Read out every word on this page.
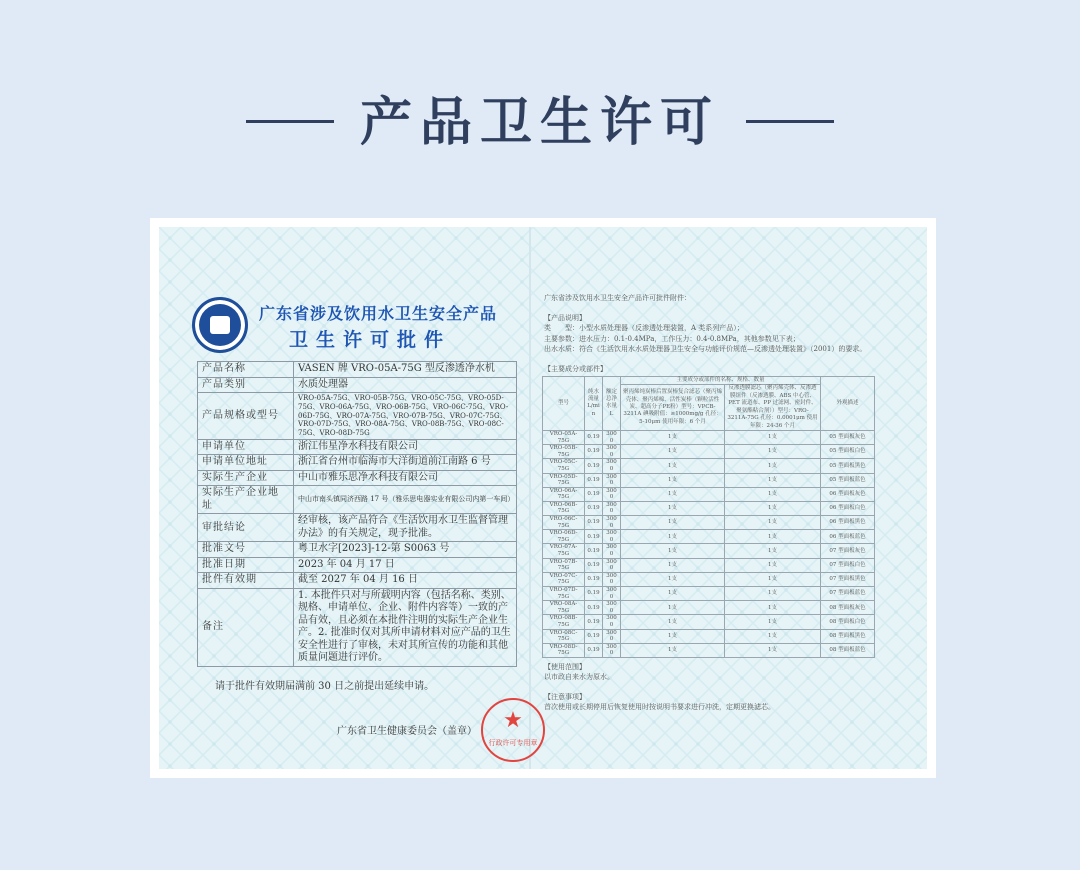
产品卫生许可
广东省涉及饮用水卫生安全产品
卫生许可批件
产品名称	VASEN 牌 VRO-05A-75G 型反渗透净水机
产品类别	水质处理器
产品规格或型号	VRO-05A-75G、VRO-05B-75G、VRO-05C-75G、VRO-05D-75G、VRO-06A-75G、VRO-06B-75G、VRO-06C-75G、VRO-06D-75G、VRO-07A-75G、VRO-07B-75G、VRO-07C-75G、VRO-07D-75G、VRO-08A-75G、VRO-08B-75G、VRO-08C-75G、VRO-08D-75G
申请单位	浙江伟星净水科技有限公司
申请单位地址	浙江省台州市临海市大洋街道前江南路 6 号
实际生产企业	中山市雅乐思净水科技有限公司
实际生产企业地址	中山市南头镇同济西路 17 号（雅乐思电器实业有限公司内第一车间）
审批结论	经审核，该产品符合《生活饮用水卫生监督管理办法》的有关规定，现予批准。
批准文号	粤卫水字[2023]-12-第 S0063 号
批准日期	2023 年 04 月 17 日
批件有效期	截至 2027 年 04 月 16 日
备注	1. 本批件只对与所载明内容（包括名称、类别、规格、申请单位、企业、附件内容等）一致的产品有效，且必须在本批件注明的实际生产企业生产。2. 批准时仅对其所申请材料对应产品的卫生安全性进行了审核，未对其所宣传的功能和其他质量问题进行评价。
请于批件有效期届满前 30 日之前提出延续申请。
广东省卫生健康委员会（盖章）	★
行政许可专用章
广东省涉及饮用水卫生安全产品许可批件附件：
【产品说明】
类　　型：小型水质处理器（反渗透处理装置，A 类系列产品）；
主要参数：进水压力：0.1-0.4MPa，工作压力：0.4-0.8MPa，其他参数见下表；
出水水质：符合《生活饮用水水质处理器卫生安全与功能评价规范—反渗透处理装置》（2001）的要求。
【主要成分或部件】
型号	纯水流量 L/min	额定总净水量 L	主要成分或部件的名称、规格、数量		外观描述
			聚丙烯纯炭棒后置炭棒复合滤芯（聚丙烯壳体、聚丙烯棉、活性炭棒（颗粒活性炭、超高分子PE粉）型号：VPCB-3211A 碘吸附值：≥1000mg/g 孔径：5-10μm 使用年限：6 个月	反渗透膜滤芯（聚丙烯壳体、反渗透膜组件（反渗透膜、ABS 中心管、PET 流道布、PP 过滤网、密封件、聚氨酯粘合剂））型号：VRO-3211A-75G 孔径：0.0001μm 使用年限：24-36 个月	
VRO-05A-75G	0.19	3000	1支	1支	05 型面板灰色
VRO-05B-75G	0.19	3000	1支	1支	05 型面板白色
VRO-05C-75G	0.19	3000	1支	1支	05 型面板黑色
VRO-05D-75G	0.19	3000	1支	1支	05 型面板蓝色
VRO-06A-75G	0.19	3000	1支	1支	06 型面板灰色
VRO-06B-75G	0.19	3000	1支	1支	06 型面板白色
VRO-06C-75G	0.19	3000	1支	1支	06 型面板黑色
VRO-06D-75G	0.19	3000	1支	1支	06 型面板蓝色
VRO-07A-75G	0.19	3000	1支	1支	07 型面板灰色
VRO-07B-75G	0.19	3000	1支	1支	07 型面板白色
VRO-07C-75G	0.19	3000	1支	1支	07 型面板黑色
VRO-07D-75G	0.19	3000	1支	1支	07 型面板蓝色
VRO-08A-75G	0.19	3000	1支	1支	08 型面板灰色
VRO-08B-75G	0.19	3000	1支	1支	08 型面板白色
VRO-08C-75G	0.19	3000	1支	1支	08 型面板黑色
VRO-08D-75G	0.19	3000	1支	1支	08 型面板蓝色
【使用范围】
以市政自来水为原水。
【注意事项】
首次使用或长期停用后恢复使用时按说明书要求进行冲洗，定期更换滤芯。
